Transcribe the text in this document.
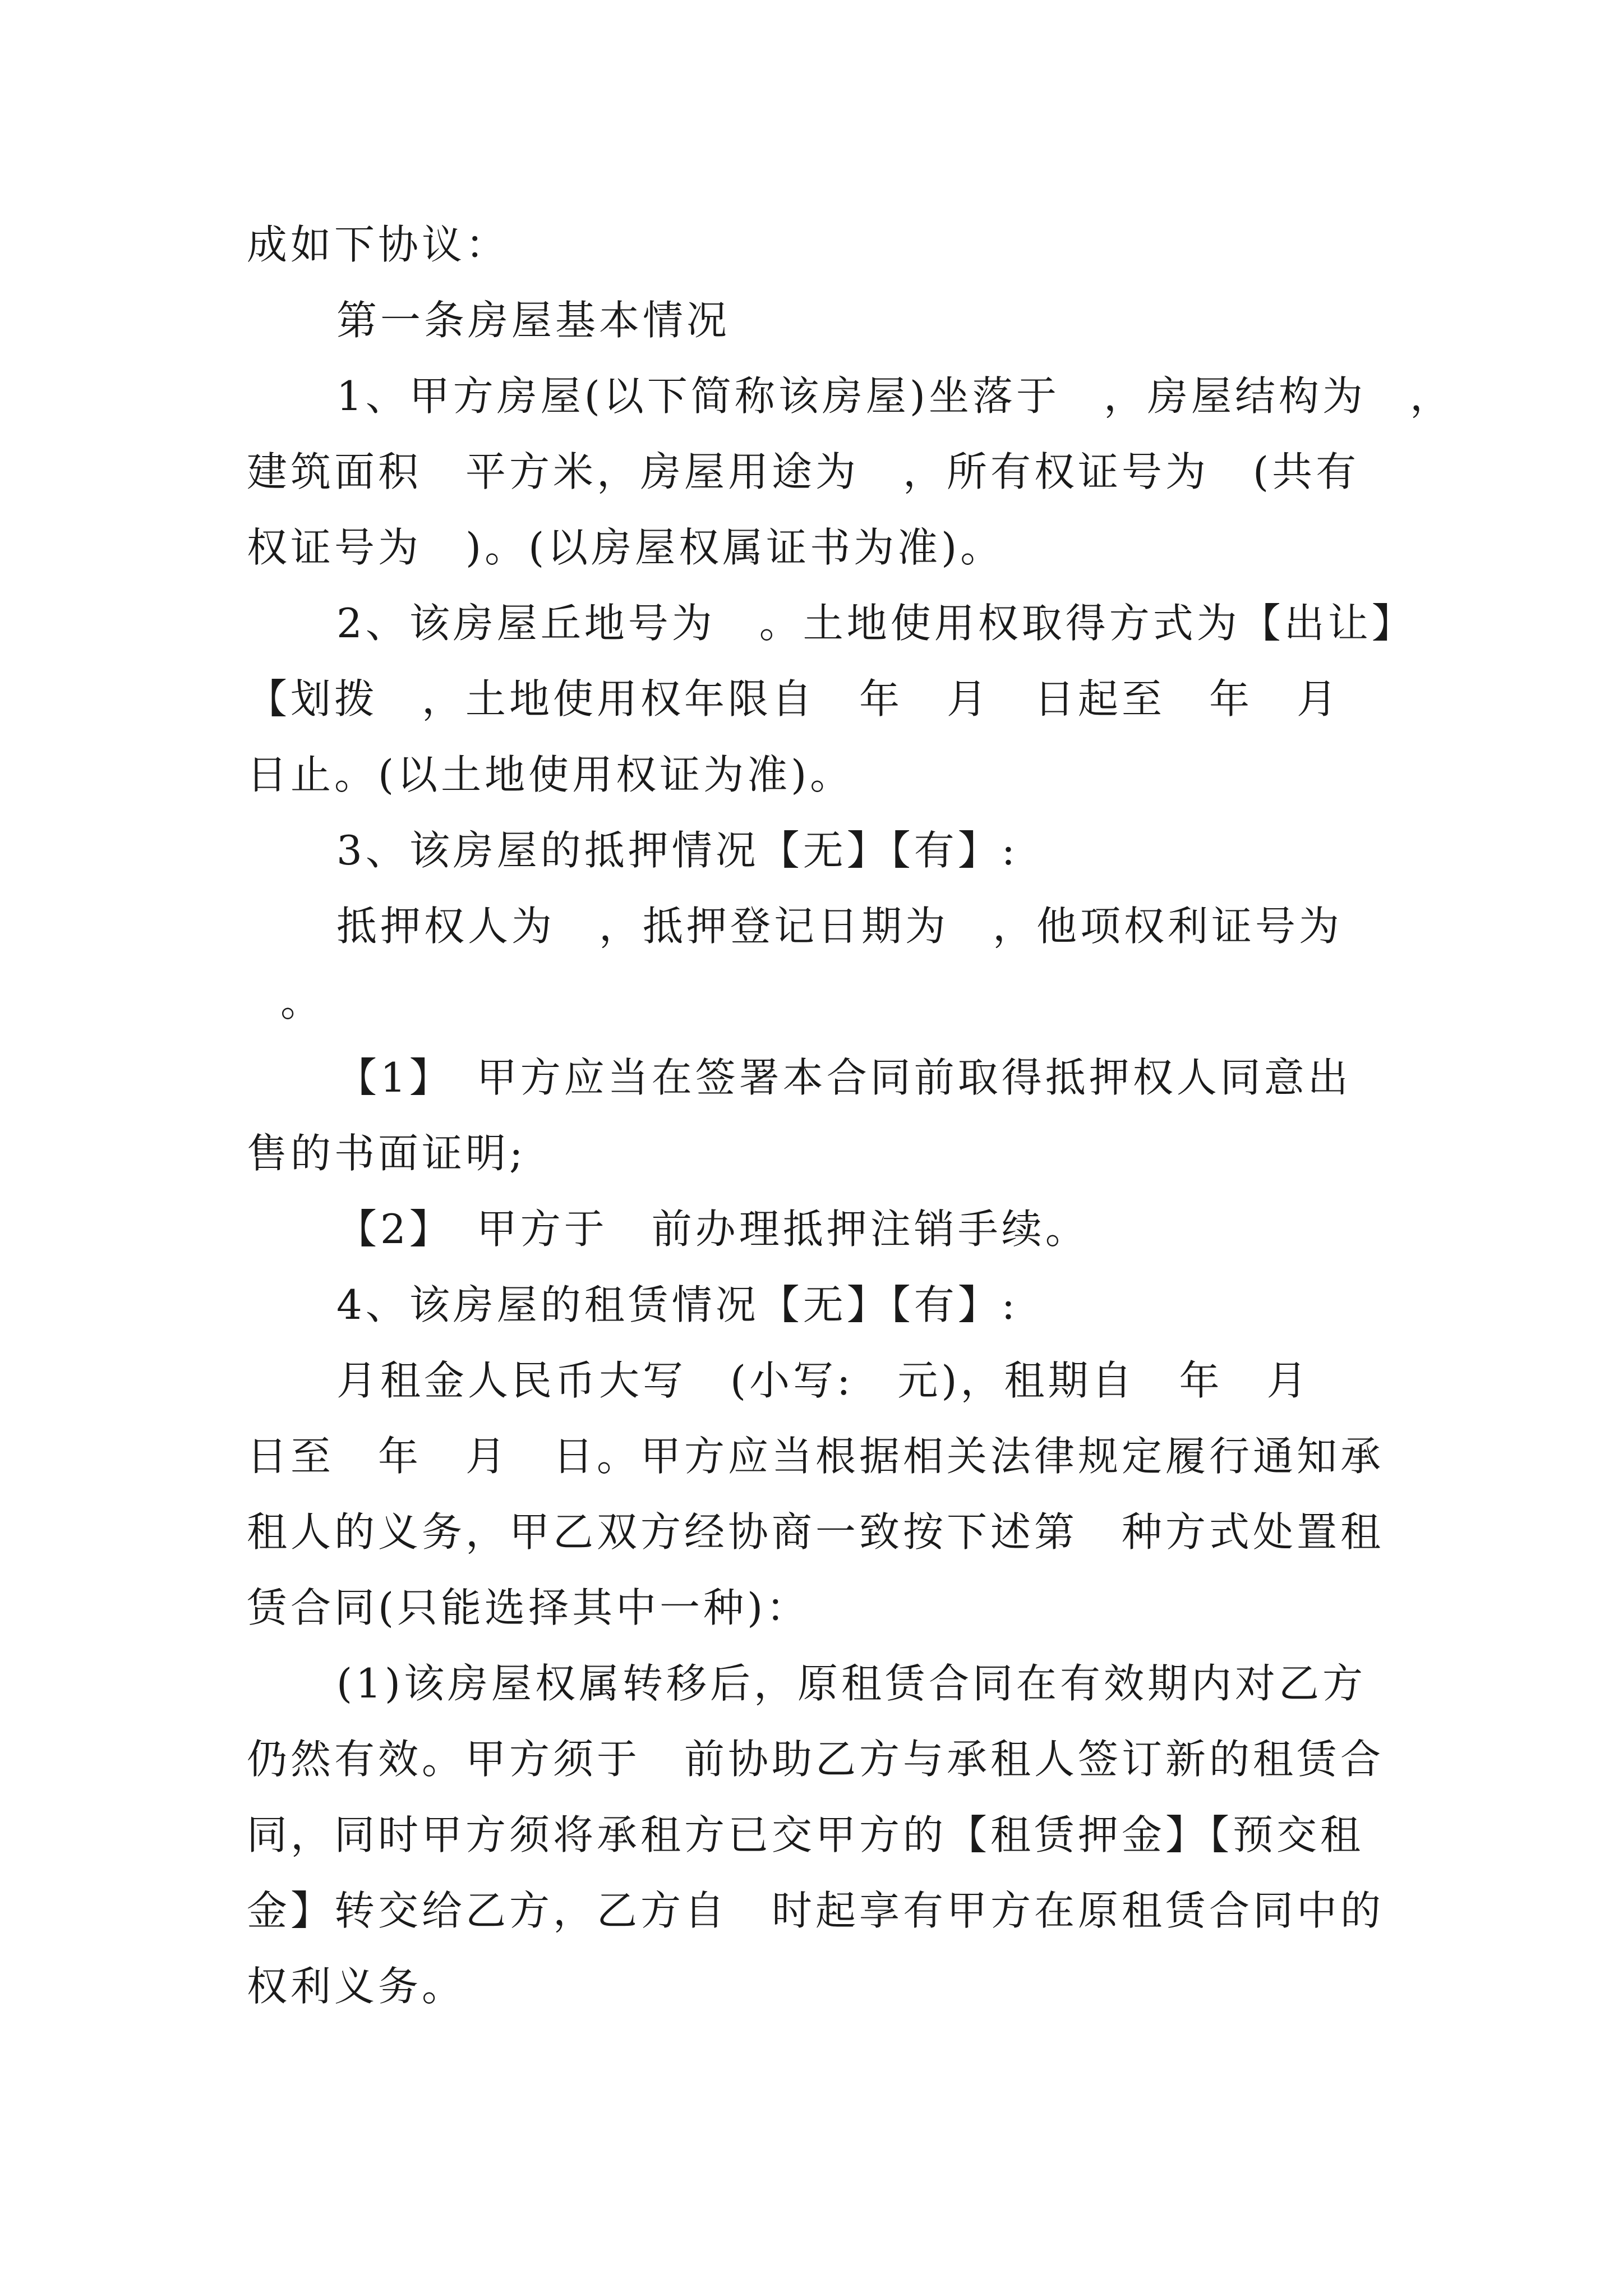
成如下协议：
第一条房屋基本情况
1、甲方房屋(以下简称该房屋)坐落于　，房屋结构为　，
建筑面积　平方米，房屋用途为　，所有权证号为　(共有
权证号为　)。(以房屋权属证书为准)。
2、该房屋丘地号为　。土地使用权取得方式为【出让】
【划拨　，土地使用权年限自　年　月　日起至　年　月
日止。(以土地使用权证为准)。
3、该房屋的抵押情况【无】【有】:
抵押权人为　，抵押登记日期为　，他项权利证号为
。
【1】　甲方应当在签署本合同前取得抵押权人同意出
售的书面证明;
【2】　甲方于　前办理抵押注销手续。
4、该房屋的租赁情况【无】【有】:
月租金人民币大写　(小写:　元)，租期自　年　月
日至　年　月　日。甲方应当根据相关法律规定履行通知承
租人的义务，甲乙双方经协商一致按下述第　种方式处置租
赁合同(只能选择其中一种)：
(1)该房屋权属转移后，原租赁合同在有效期内对乙方
仍然有效。甲方须于　前协助乙方与承租人签订新的租赁合
同，同时甲方须将承租方已交甲方的【租赁押金】【预交租
金】转交给乙方，乙方自　时起享有甲方在原租赁合同中的
权利义务。
